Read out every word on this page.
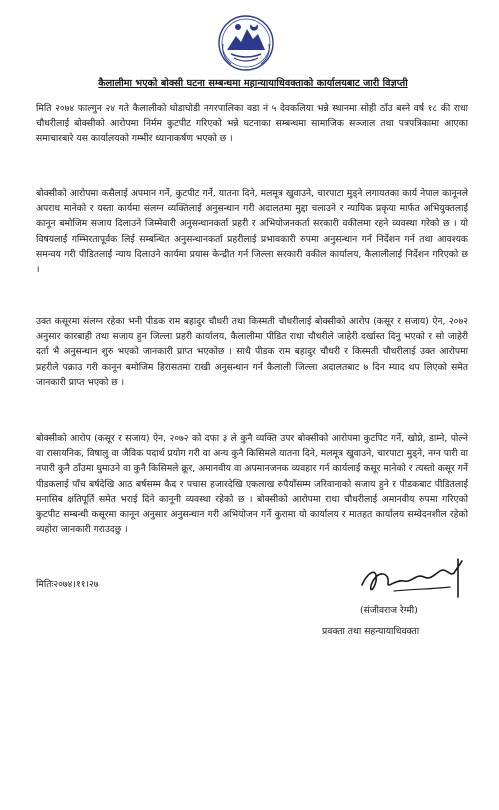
कैलालीमा भएको बोक्सी घटना सम्बन्धमा महान्यायाधिवक्ताको कार्यालयबाट जारी विज्ञप्ती

मिति २०७४ फाल्गुन २४ गते कैलालीको घोडाघोडी नगरपालिका वडा नं ५ देवकलिया भन्ने स्थानमा सोही ठाँउ बस्ने वर्ष १८ की राधा चौधरीलाई बोक्सीको आरोपमा निर्मम कुटपीट गरिएको भन्ने घटनाका सम्बन्धमा सामाजिक सञ्जाल तथा पत्रपत्रिकामा आएका समाचारबारे यस कार्यालयको गम्भीर ध्यानाकर्षण भएको छ ।

बोक्सीको आरोपमा कसैलाई अपमान गर्ने, कुटपीट गर्ने, यातना दिने, मलमूत्र खुवाउने, चारपाटा मुड्ने लगायतका कार्य नेपाल कानूनले अपराध मानेको र यस्ता कार्यमा संलग्न व्यक्तिलाई अनुसन्धान गरी अदालतमा मुद्दा चलाउने र न्यायिक प्रकृया मार्फत अभियुक्तलाई कानून बमोजिम सजाय दिलाउने जिम्मेवारी अनुसन्धानकर्ता प्रहरी र अभियोजनकर्ता सरकारी वकीलमा रहने व्यवस्था गरेको छ । यो विषयलाई गम्भिरतापूर्वक लिई सम्बन्धित अनुसन्धानकर्ता प्रहरीलाई प्रभावकारी रुपमा अनुसन्धान गर्न निर्देशन गर्न तथा आवश्यक समन्वय गरी पीडितलाई न्याय दिलाउने कार्यमा प्रयास केन्द्रीत गर्न जिल्ला सरकारी वकील कार्यालय, कैलालीलाई निर्देशन गरिएको छ ।

उक्त कसूरमा संलग्न रहेका भनी पीडक राम बहादुर चौधरी तथा किस्मती चौधरीलाई बोक्सीको आरोप (कसूर र सजाय) ऐन, २०७२ अनुसार कारबाही तथा सजाय हुन जिल्ला प्रहरी कार्यालय, कैलालीमा पीडित राधा चौधरीले जाहेरी दर्खास्त दिनु भएको र सो जाहेरी दर्ता भै अनुसन्धान शुरु भएको जानकारी प्राप्त भएकोछ । साथै पीडक राम बहादुर चौधरी र किस्मती चौधरीलाई उक्त आरोपमा प्रहरीले पक्राउ गरी कानून बमोजिम हिरासतमा राखी अनुसन्धान गर्न कैलाली जिल्ला अदालतबाट ७ दिन म्याद थप लिएको समेत जानकारी प्राप्त भएको छ ।

बोक्सीको आरोप (कसूर र सजाय) ऐन, २०७२ को दफा ३ ले कुनै व्यक्ति उपर बोक्सीको आरोपमा कुटपिट गर्ने, खोप्ने, डाम्ने, पोल्ने वा रासायनिक, विषालु वा जैविक पदार्थ प्रयोग गरी वा अन्य कुनै किसिमले यातना दिने, मलमूत्र खुवाउने, चारपाटा मुड्ने, नग्न पारी वा नपारी कुनै ठाँउमा घुमाउने वा कुनै किसिमले क्रूर, अमानवीय वा अपमानजनक व्यवहार गर्न कार्यलाई कसूर मानेको र त्यस्तो कसूर गर्ने पीडकलाई पाँच बर्षदेखि आठ बर्षसम्म कैद र पचास हजारदेखि एकलाख रुपैयाँसम्म जरिवानाको सजाय हुने र पीडकबाट पीडितलाई मनासिब क्षतिपूर्ति समेत भराई दिने कानूनी व्यवस्था रहेको छ । बोक्सीको आरोपमा राधा चौधरीलाई अमानवीय रुपमा गरिएको कुटपीट सम्बन्धी कसूरमा कानून अनुसार अनुसन्धान गरी अभियोजन गर्ने कुरामा यो कार्यालय र मातहत कार्यालय सम्वेदनशील रहेको व्यहोरा जानकारी गराउदछु ।

मितिः२०७४।११।२७
(संजीवराज रेग्मी)
प्रवक्ता तथा सहन्यायाधिवक्ता
